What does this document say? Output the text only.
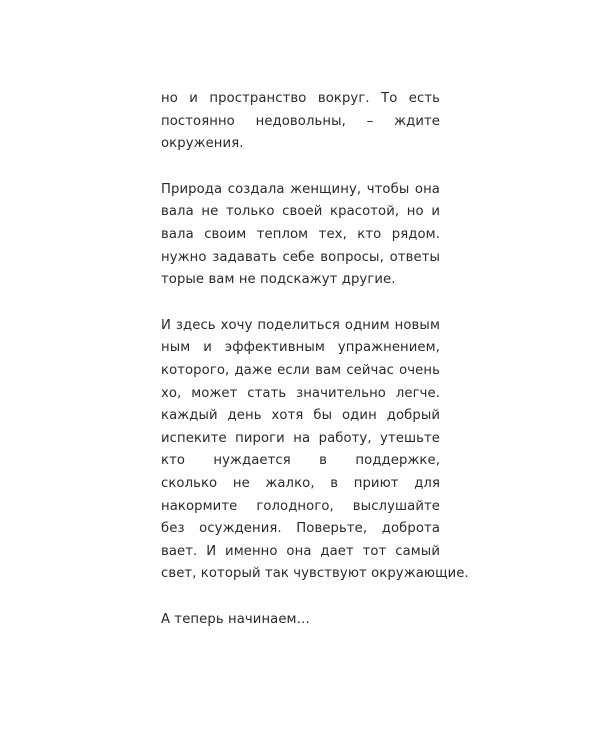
но и пространство вокруг. То есть
постоянно недовольны, – ждите
окружения.
Природа создала женщину, чтобы она
вала не только своей красотой, но и
вала своим теплом тех, кто рядом.
нужно задавать себе вопросы, ответы
торые вам не подскажут другие.
И здесь хочу поделиться одним новым
ным и эффективным упражнением,
которого, даже если вам сейчас очень
хо, может стать значительно легче.
каждый день хотя бы один добрый
испеките пироги на работу, утешьте
кто нуждается в поддержке,
сколько не жалко, в приют для
накормите голодного, выслушайте
без осуждения. Поверьте, доброта
вает. И именно она дает тот самый
свет, который так чувствуют окружающие.
А теперь начинаем…
